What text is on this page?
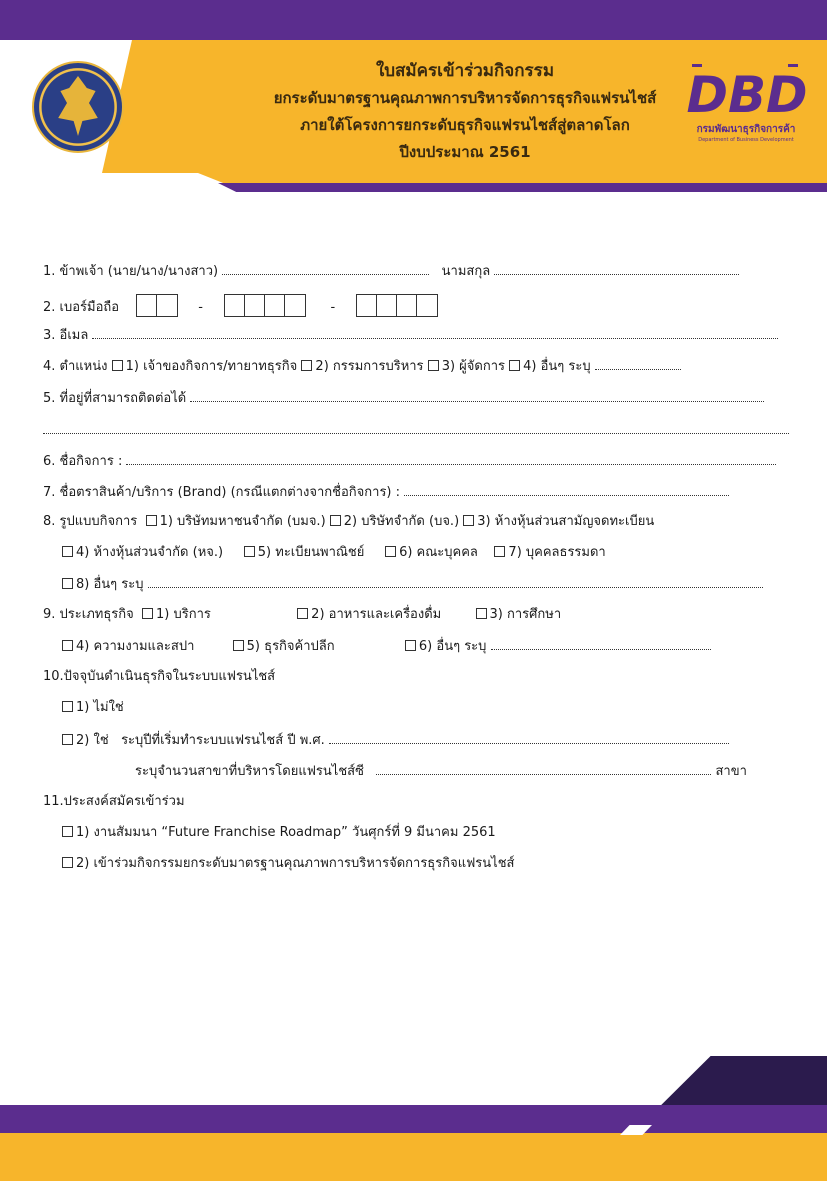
ใบสมัครเข้าร่วมกิจกรรม
ยกระดับมาตรฐานคุณภาพการบริหารจัดการธุรกิจแฟรนไชส์
ภายใต้โครงการยกระดับธุรกิจแฟรนไชส์สู่ตลาดโลก
ปีงบประมาณ 2561
DBD
กรมพัฒนาธุรกิจการค้า
Department of Business Development
1. ข้าพเจ้า (นาย/นาง/นางสาว)	นามสกุล
2. เบอร์มือถือ	-	-
3. อีเมล
4. ตำแหน่ง 1) เจ้าของกิจการ/ทายาทธุรกิจ 2) กรรมการบริหาร 3) ผู้จัดการ 4) อื่นๆ ระบุ
5. ที่อยู่ที่สามารถติดต่อได้
6. ชื่อกิจการ :
7. ชื่อตราสินค้า/บริการ (Brand) (กรณีแตกต่างจากชื่อกิจการ) :
8. รูปแบบกิจการ 1) บริษัทมหาชนจำกัด (บมจ.) 2) บริษัทจำกัด (บจ.) 3) ห้างหุ้นส่วนสามัญจดทะเบียน
4) ห้างหุ้นส่วนจำกัด (หจ.)	5) ทะเบียนพาณิชย์	6) คณะบุคคล 7) บุคคลธรรมดา
8) อื่นๆ ระบุ
9. ประเภทธุรกิจ 1) บริการ	2) อาหารและเครื่องดื่ม	3) การศึกษา
4) ความงามและสปา	5) ธุรกิจค้าปลีก	6) อื่นๆ ระบุ
10.ปัจจุบันดำเนินธุรกิจในระบบแฟรนไชส์
1) ไม่ใช่
2) ใช่ ระบุปีที่เริ่มทำระบบแฟรนไชส์ ปี พ.ศ.
ระบุจำนวนสาขาที่บริหารโดยแฟรนไชส์ซี	สาขา
11.ประสงค์สมัครเข้าร่วม
1) งานสัมมนา “Future Franchise Roadmap” วันศุกร์ที่ 9 มีนาคม 2561
2) เข้าร่วมกิจกรรมยกระดับมาตรฐานคุณภาพการบริหารจัดการธุรกิจแฟรนไชส์
